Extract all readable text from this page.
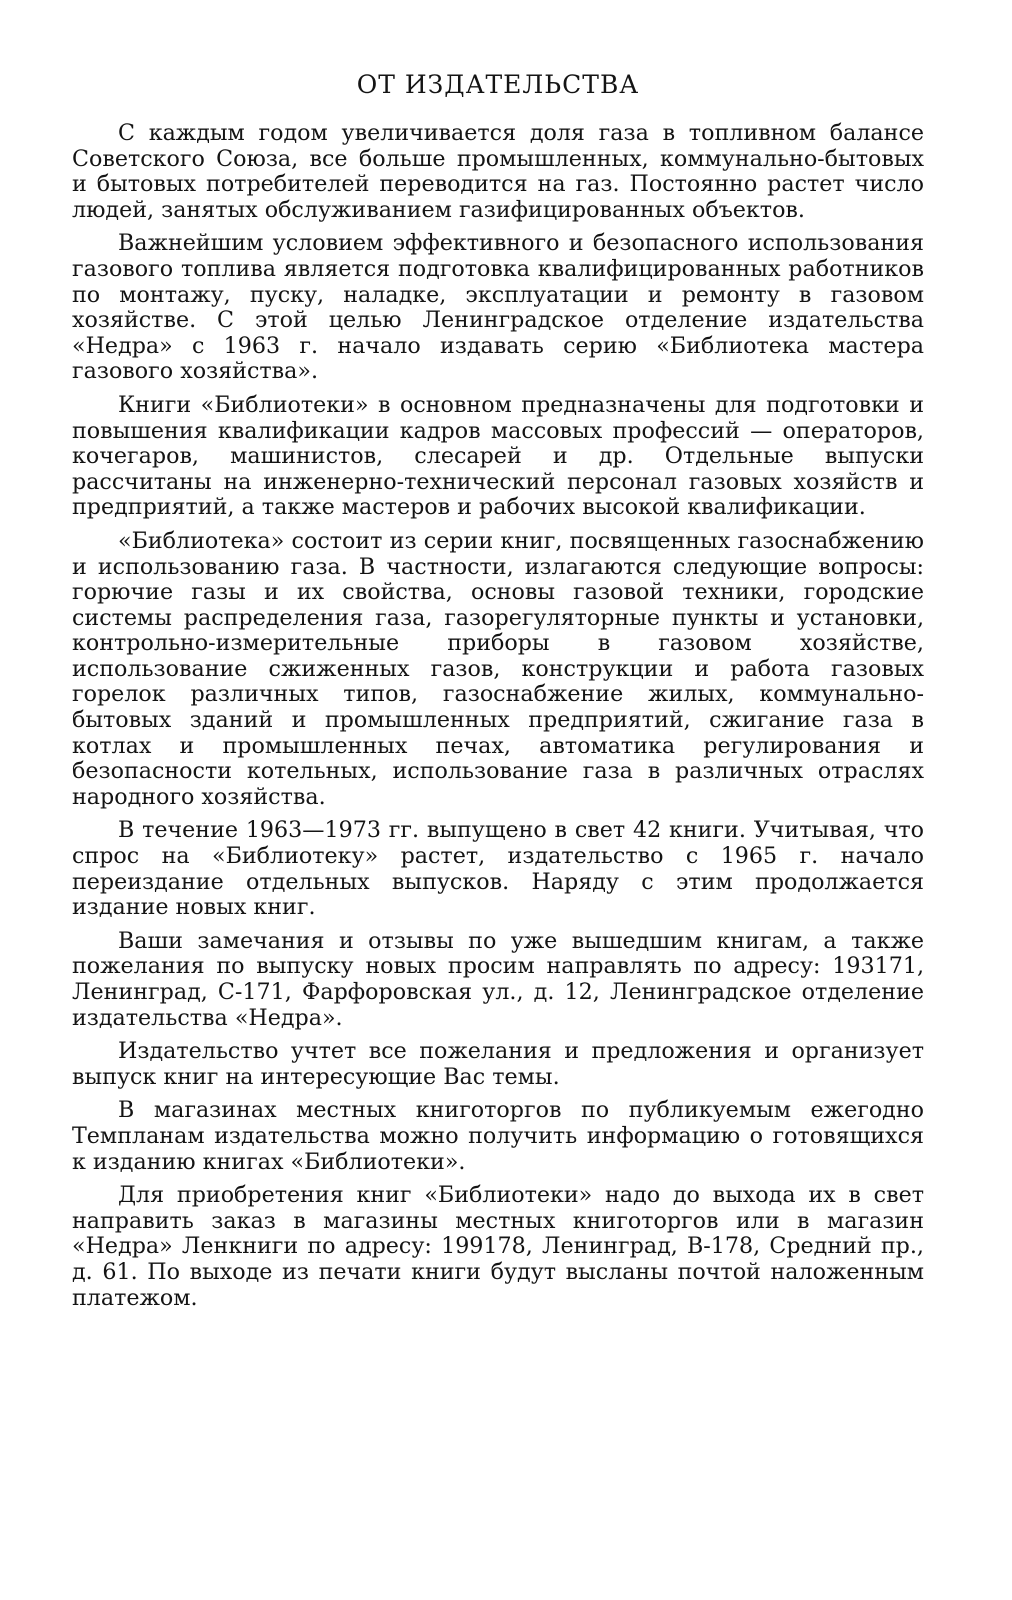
ОТ ИЗДАТЕЛЬСТВА

С каждым годом увеличивается доля газа в топливном балансе Советского Союза, все больше промышленных, коммунально-бытовых и бытовых потребителей переводится на газ. Постоянно растет число людей, занятых обслуживанием газифицированных объектов.

Важнейшим условием эффективного и безопасного использования газового топлива является подготовка квалифицированных работников по монтажу, пуску, наладке, эксплуатации и ремонту в газовом хозяйстве. С этой целью Ленинградское отделение издательства «Недра» с 1963 г. начало издавать серию «Библиотека мастера газового хозяйства».

Книги «Библиотеки» в основном предназначены для подготовки и повышения квалификации кадров массовых профессий — операторов, кочегаров, машинистов, слесарей и др. Отдельные выпуски рассчитаны на инженерно-технический персонал газовых хозяйств и предприятий, а также мастеров и рабочих высокой квалификации.

«Библиотека» состоит из серии книг, посвященных газоснабжению и использованию газа. В частности, излагаются следующие вопросы: горючие газы и их свойства, основы газовой техники, городские системы распределения газа, газорегуляторные пункты и установки, контрольно-измерительные приборы в газовом хозяйстве, использование сжиженных газов, конструкции и работа газовых горелок различных типов, газоснабжение жилых, коммунально-бытовых зданий и промышленных предприятий, сжигание газа в котлах и промышленных печах, автоматика регулирования и безопасности котельных, использование газа в различных отраслях народного хозяйства.

В течение 1963—1973 гг. выпущено в свет 42 книги. Учитывая, что спрос на «Библиотеку» растет, издательство с 1965 г. начало переиздание отдельных выпусков. Наряду с этим продолжается издание новых книг.

Ваши замечания и отзывы по уже вышедшим книгам, а также пожелания по выпуску новых просим направлять по адресу: 193171, Ленинград, С-171, Фарфоровская ул., д. 12, Ленинградское отделение издательства «Недра».

Издательство учтет все пожелания и предложения и организует выпуск книг на интересующие Вас темы.

В магазинах местных книготоргов по публикуемым ежегодно Темпланам издательства можно получить информацию о готовящихся к изданию книгах «Библиотеки».

Для приобретения книг «Библиотеки» надо до выхода их в свет направить заказ в магазины местных книготоргов или в магазин «Недра» Ленкниги по адресу: 199178, Ленинград, В-178, Средний пр., д. 61. По выходе из печати книги будут высланы почтой наложенным платежом.
